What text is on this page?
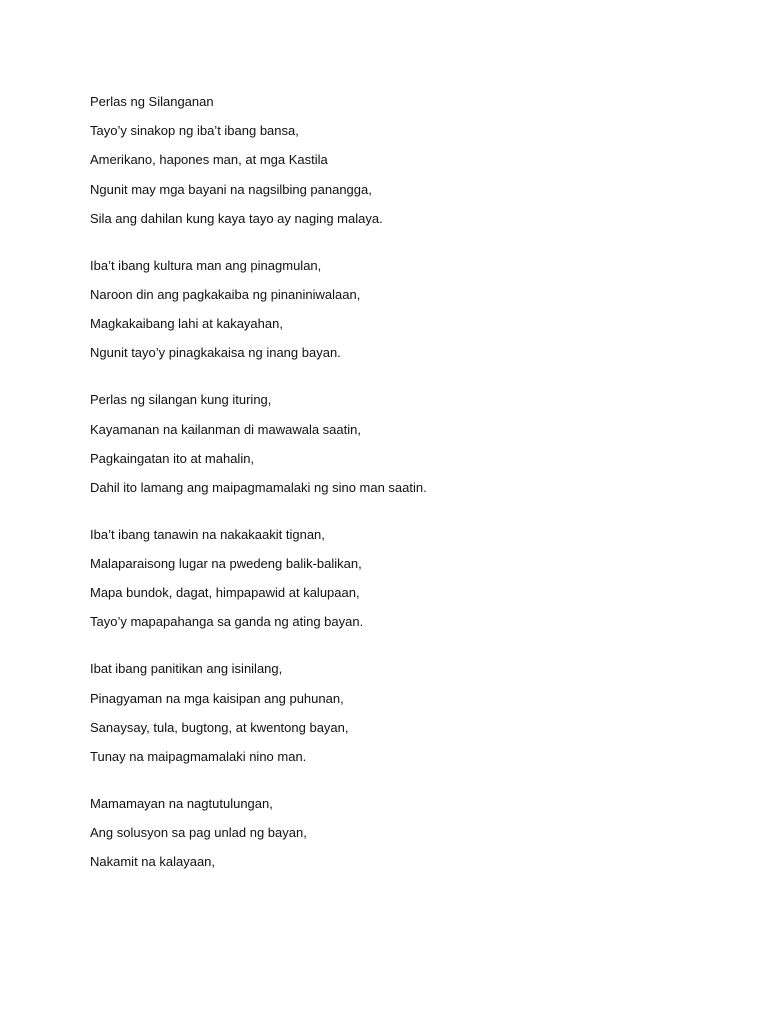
Perlas ng Silanganan
Tayo’y sinakop ng iba’t ibang bansa,
Amerikano, hapones man, at mga Kastila
Ngunit may mga bayani na nagsilbing panangga,
Sila ang dahilan kung kaya tayo ay naging malaya.
Iba’t ibang kultura man ang pinagmulan,
Naroon din ang pagkakaiba ng pinaniniwalaan,
Magkakaibang lahi at kakayahan,
Ngunit tayo’y pinagkakaisa ng inang bayan.
Perlas ng silangan kung ituring,
Kayamanan na kailanman di mawawala saatin,
Pagkaingatan ito at mahalin,
Dahil ito lamang ang maipagmamalaki ng sino man saatin.
Iba’t ibang tanawin na nakakaakit tignan,
Malaparaisong lugar na pwedeng balik-balikan,
Mapa bundok, dagat, himpapawid at kalupaan,
Tayo’y mapapahanga sa ganda ng ating bayan.
Ibat ibang panitikan ang isinilang,
Pinagyaman na mga kaisipan ang puhunan,
Sanaysay, tula, bugtong, at kwentong bayan,
Tunay na maipagmamalaki nino man.
Mamamayan na nagtutulungan,
Ang solusyon sa pag unlad ng bayan,
Nakamit na kalayaan,
